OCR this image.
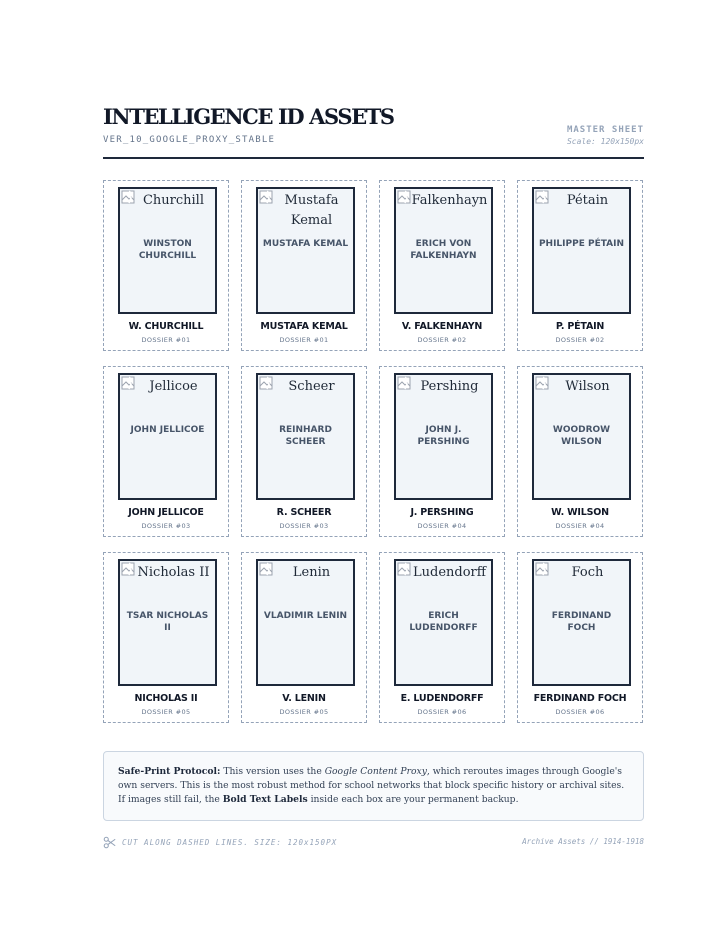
INTELLIGENCE ID ASSETS
VER_10_GOOGLE_PROXY_STABLE
MASTER SHEET
Scale: 120x150px
Churchill
WINSTON CHURCHILL
W. CHURCHILL
DOSSIER #01
Mustafa Kemal
MUSTAFA KEMAL
MUSTAFA KEMAL
DOSSIER #01
Falkenhayn
ERICH VON FALKENHAYN
V. FALKENHAYN
DOSSIER #02
Pétain
PHILIPPE PÉTAIN
P. PÉTAIN
DOSSIER #02
Jellicoe
JOHN JELLICOE
JOHN JELLICOE
DOSSIER #03
Scheer
REINHARD SCHEER
R. SCHEER
DOSSIER #03
Pershing
JOHN J. PERSHING
J. PERSHING
DOSSIER #04
Wilson
WOODROW WILSON
W. WILSON
DOSSIER #04
Nicholas II
TSAR NICHOLAS II
NICHOLAS II
DOSSIER #05
Lenin
VLADIMIR LENIN
V. LENIN
DOSSIER #05
Ludendorff
ERICH LUDENDORFF
E. LUDENDORFF
DOSSIER #06
Foch
FERDINAND FOCH
FERDINAND FOCH
DOSSIER #06
Safe-Print Protocol: This version uses the Google Content Proxy, which reroutes images through Google's own servers. This is the most robust method for school networks that block specific history or archival sites. If images still fail, the Bold Text Labels inside each box are your permanent backup.
CUT ALONG DASHED LINES. SIZE: 120x150PX	Archive Assets // 1914-1918
